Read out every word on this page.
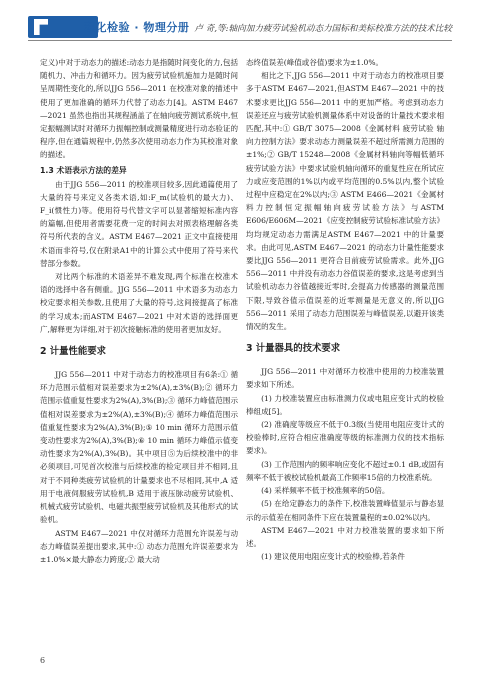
理化检验 · 物理分册 卢 奇,等:轴向加力疲劳试验机动态力国标和美标校准方法的技术比较

定义)中对于动态力的描述:动态力是指随时间变化的力,包括随机力、冲击力和循环力。因为疲劳试验机施加力是随时间呈周期性变化的,所以JJG 556—2011 在校准对象的描述中使用了更加准确的循环力代替了动态力[4]。ASTM E467—2021 虽然也指出其规程涵盖了在轴向疲劳测试系统中,恒定振幅测试时对循环力振幅控制或测量精度进行动态验证的程序,但在通篇规程中,仍然多次使用动态力作为其校准对象的描述。

1.3 术语表示方法的差异

由于JJG 556—2011 的校准项目较多,因此通篇使用了大量的符号来定义各类术语,如:F_m(试验机的最大力)、F_i(惯性力)等。使用符号代替文字可以显著缩短标准内容的篇幅,但使用者需要花费一定的时间去对照表格理解各类符号所代表的含义。ASTM E467—2021 正文中直接使用术语而非符号,仅在附录A1中的计算公式中使用了符号来代替部分参数。

对比两个标准的术语差异不难发现,两个标准在校准术语的选择中各有侧重。JJG 556—2011 中术语多为动态力校定要求相关参数,且使用了大量的符号,这间接提高了标准的学习成本;而ASTM E467—2021 中对术语的选择面更广,解释更为详细,对于初次接触标准的使用者更加友好。

2 计量性能要求

JJG 556—2011 中对于动态力的校准项目有6条:① 循环力范围示值相对误差要求为±2%(A),±3%(B);② 循环力范围示值重复性要求为2%(A),3%(B);③ 循环力峰值范围示值相对误差要求为±2%(A),±3%(B);④ 循环力峰值范围示值重复性要求为2%(A),3%(B);⑤ 10 min 循环力范围示值变动性要求为2%(A),3%(B);⑥ 10 min 循环力峰值示值变动性要求为2%(A),3%(B)。其中项目⑤为后续校准中的非必须项目,可见首次校准与后续校准的检定项目并不相同,且对于不同种类疲劳试验机的计量要求也不尽相同,其中,A 适用于电液伺服疲劳试验机,B 适用于液压脉动疲劳试验机、机械式疲劳试验机、电磁共振型疲劳试验机及其他形式的试验机。

ASTM E467—2021 中仅对循环力范围允许误差与动态力峰值误差提出要求,其中:① 动态力范围允许误差要求为±1.0%×最大静态力跨度;② 最大动

态终值误差(峰值或谷值)要求为±1.0%。

相比之下,JJG 556—2011 中对于动态力的校准项目要多于ASTM E467—2021,但ASTM E467—2021 中的技术要求更比JJG 556—2011 中的更加严格。考虑到动态力误差还应与疲劳试验机测量体系中对设备的计量技术要求相匹配,其中:① GB/T 3075—2008《金属材料 疲劳试验 轴向力控制方法》要求动态力测量误差不超过所需测力范围的±1%;② GB/T 15248—2008《金属材料轴向等幅低循环疲劳试验方法》中要求试验机轴向循环的重复性应在所试应力或应变范围的1%以内或平均范围的0.5%以内,整个试验过程中应稳定在2%以内;③ ASTM E466—2021《金属材料力控制恒定振幅轴向疲劳试验方法》与ASTM E606/E606M—2021《应变控制疲劳试验标准试验方法》均均规定动态力需满足ASTM E467—2021 中的计量要求。由此可见,ASTM E467—2021 的动态力计量性能要求要比JJG 556—2011 更符合目前疲劳试验需求。此外,JJG 556—2011 中并没有动态力谷值误差的要求,这是考虑到当试验机动态力谷值越接近零时,会提高力传感器的测量范围下限,导致谷值示值误差的近零测量是无意义的,所以JJG 556—2011 采用了动态力范围误差与峰值误差,以避开该类情况的发生。

3 计量器具的技术要求

JJG 556—2011 中对循环力校准中使用的力校准装置要求如下所述。

(1) 力校准装置应由标准测力仪或电阻应变计式的校验棒组成[5]。

(2) 准确度等级应不低于0.3级(当使用电阻应变计式的校验棒时,应符合相应准确度等级的标准测力仪的技术指标要求)。

(3) 工作范围内的频率响应变化不超过±0.1 dB,或固有频率不低于被校试验机最高工作频率15倍的力校准系统。

(4) 采样频率不低于校准频率的50倍。

(5) 在给定静态力的条件下,校准装置峰值显示与静态显示的示值差在相同条件下应在装置量程的±0.02%以内。

ASTM E467—2021 中对力校准装置的要求如下所述。

(1) 建议使用电阻应变计式的校验棒,若条件

6
